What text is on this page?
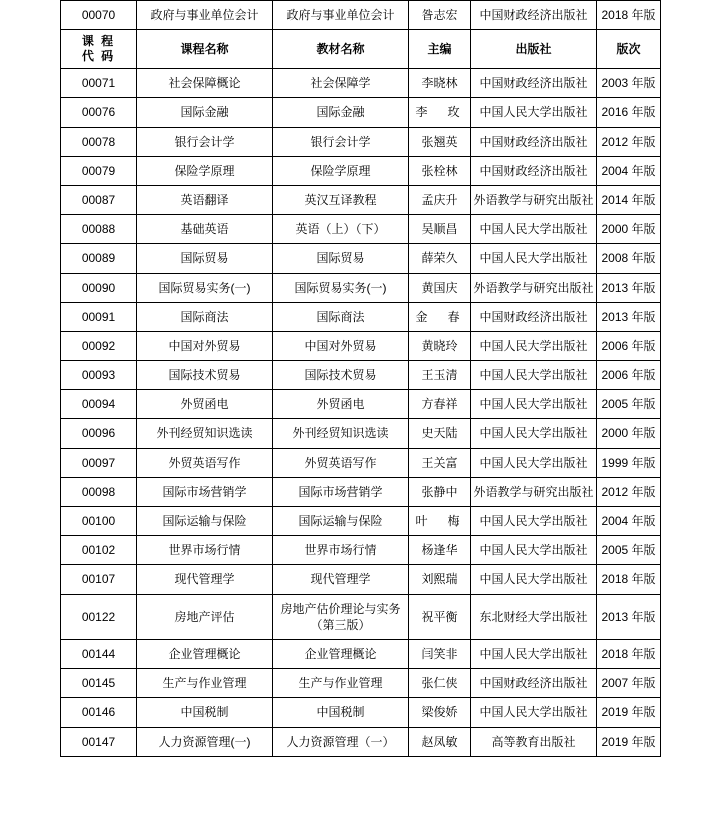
00070	政府与事业单位会计	政府与事业单位会计	昝志宏	中国财政经济出版社	2018 年版

课 程
代 码	课程名称	教材名称	主编	出版社	版次
00071	社会保障概论	社会保障学	李晓林	中国财政经济出版社	2003 年版
00076	国际金融	国际金融	李　玫	中国人民大学出版社	2016 年版
00078	银行会计学	银行会计学	张翘英	中国财政经济出版社	2012 年版
00079	保险学原理	保险学原理	张栓林	中国财政经济出版社	2004 年版
00087	英语翻译	英汉互译教程	孟庆升	外语教学与研究出版社	2014 年版
00088	基础英语	英语（上）（下）	吴顺昌	中国人民大学出版社	2000 年版
00089	国际贸易	国际贸易	薛荣久	中国人民大学出版社	2008 年版
00090	国际贸易实务(一)	国际贸易实务(一)	黄国庆	外语教学与研究出版社	2013 年版
00091	国际商法	国际商法	金　春	中国财政经济出版社	2013 年版
00092	中国对外贸易	中国对外贸易	黄晓玲	中国人民大学出版社	2006 年版
00093	国际技术贸易	国际技术贸易	王玉清	中国人民大学出版社	2006 年版
00094	外贸函电	外贸函电	方春祥	中国人民大学出版社	2005 年版
00096	外刊经贸知识选读	外刊经贸知识选读	史天陆	中国人民大学出版社	2000 年版
00097	外贸英语写作	外贸英语写作	王关富	中国人民大学出版社	1999 年版
00098	国际市场营销学	国际市场营销学	张静中	外语教学与研究出版社	2012 年版
00100	国际运输与保险	国际运输与保险	叶　梅	中国人民大学出版社	2004 年版
00102	世界市场行情	世界市场行情	杨逢华	中国人民大学出版社	2005 年版
00107	现代管理学	现代管理学	刘熙瑞	中国人民大学出版社	2018 年版
00122	房地产评估	房地产估价理论与实务（第三版）	祝平衡	东北财经大学出版社	2013 年版
00144	企业管理概论	企业管理概论	闫笑非	中国人民大学出版社	2018 年版
00145	生产与作业管理	生产与作业管理	张仁侠	中国财政经济出版社	2007 年版
00146	中国税制	中国税制	梁俊娇	中国人民大学出版社	2019 年版
00147	人力资源管理(一)	人力资源管理（一）	赵凤敏	高等教育出版社	2019 年版
